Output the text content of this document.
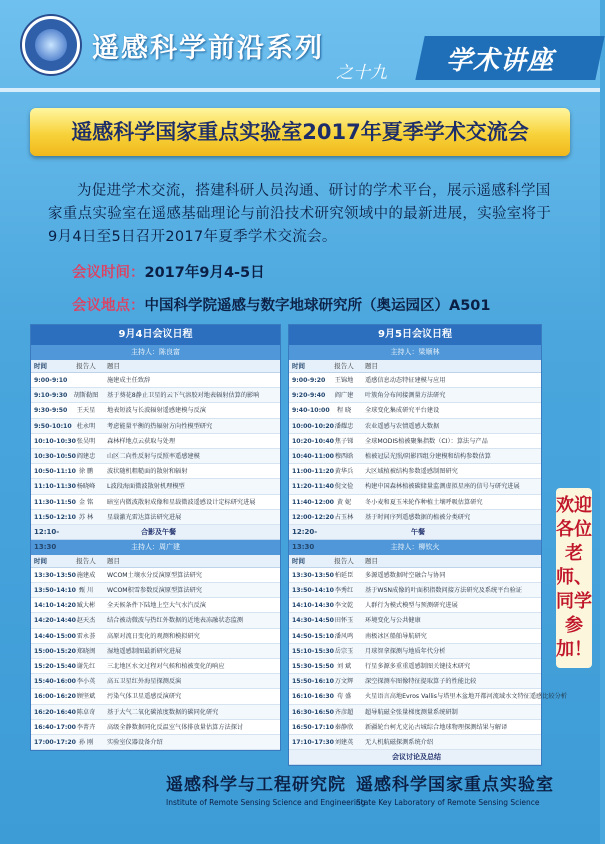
遥感科学前沿系列
之十九 学术讲座
遥感科学国家重点实验室2017年夏季学术交流会
为促进学术交流，搭建科研人员沟通、研讨的学术平台，展示遥感科学国家重点实验室在遥感基础理论与前沿技术研究领域中的最新进展，实验室将于9月4日至5日召开2017年夏季学术交流会。
会议时间：2017年9月4-5日
会议地点：中国科学院遥感与数字地球研究所（奥运园区）A501
9月4日会议日程
主持人：陈良富
时间	报告人	题目
9:00-9:10	施建成主任致辞
9:10-9:30	胡斯勒图	基于葵花8静止卫星的云下气溶胶对地表辐射估算的影响
9:30-9:50	王天星	地表短波与长波辐射遥感建模与反演
9:50-10:10 杜永明	考虑能量平衡的热辐射方向性模型研究
10:10-10:30 张吴明	森林样地点云获取与处理
10:30-10:50 阎建忠	山区二向性反射与反照率遥感建模
10:50-11:10 徐 鹏	波状随机粗糙面的散射和辐射
11:10-11:30 杨晓峰	L波段海面微波散射机理模型
11:30-11:50 金 铭	暗室内微波散射成像和星载微波遥感设计定标研究进展
11:50-12:10 苏 林	星载激光雷达算法研究进展
12:10-13:30
合影及午餐
主持人：周广建
时间	报告人	题目
13:30-13:50 施建成	WCOM土壤水分反演原型算法研究
13:50-14:10 甄 川	WCOM积雪参数反演原型算法研究
14:10-14:20 臧大彬	全天候条件下陆地上空大气水汽反演
14:20-14:40 赵天杰	结合被动微波与热红外数据的近地表冻融状态监测
14:40-15:00 雷永荟	高原对流日变化的观测和模拟研究
15:00-15:20 郑晓闽	湿地遥感制图最新研究进展
15:20-15:40 谢先红	三北地区水文过程对气候和植被变化的响应
15:40-16:00 李小英	高五卫星红外海星探测反演
16:00-16:20 顾坚斌	污染气体卫星遥感反演研究
16:20-16:40 陈卓奇	基于大气二氧化碳浓度数据的碳同化研究
16:40-17:00 李菁卉	高级全静数据同化反温室气体排放量估算方法探讨
17:00-17:20 孙 刚	实验室仪器设备介绍
9月5日会议日程
主持人：梁顺林
时间	报告人	题目
9:00-9:20	王锦地	遥感信息动态特征建模与应用
9:20-9:40	阎广建	叶簇角分布间接测量方法研究
9:40-10:00	程 晓	全球变化集成研究平台建设
10:00-10:20 潘耀忠	农业遥感与农情遥感大数据
10:20-10:40 焦子锑	全球MODIS植被聚集指数（CI）：算法与产品
10:40-11:00 穆西晗	植被冠层光照/阴影四组分建模和结构参数估算
11:00-11:20 黄华兵	大区域植被结构参数遥感制图研究
11:20-11:40 倪文俭	构建中国森林植被碳储量监测虚拟星座的信号与研究进展
11:40-12:00 黄 妮	冬小麦和夏玉米轮作种植土壤呼吸估算研究
12:00-12:20 占玉林	基于时间序列遥感数据的植被分类研究
12:20-13:30
午餐
主持人：柳钦火
时间	报告人	题目
13:30-13:50 柏延臣	多源遥感数据时空融合与协同
13:50-14:10 李秀红	基于WSN成像的叶面积指数问接方法研究及系统平台验证
14:10-14:30 李文乾	人群行为模式模型与预测研究进展
14:30-14:50 田怀玉	环境变化与公共健康
14:50-15:10 潘风鸣	南极冰区船舶导航研究
15:10-15:30 岳宗玉	月球智拿探测与地质年代分析
15:30-15:50 刘 斌	行星多源多重重遥感制图关键技术研究
15:50-16:10 万文辉	深空探测车图像特征提取算子的性能比较
16:10-16:30 苟 盛	火星语言高地Evros Vallis与塔里木盆地开都河流域水文特征遥感比较分析
16:30-16:50 齐彦超	超导航磁全张量梯度测量系统研制
16:50-17:10 秦静欣	新疆轮台柯尤克沁古城综合地球物理探测结果与解译
17:10-17:30 刘建英	无人机航磁探测系统介绍
会议讨论及总结
欢迎各位老师、同学参加！
遥感科学与工程研究院
Institute of Remote Sensing Science and Engineering
遥感科学国家重点实验室
State Key Laboratory of Remote Sensing Science
